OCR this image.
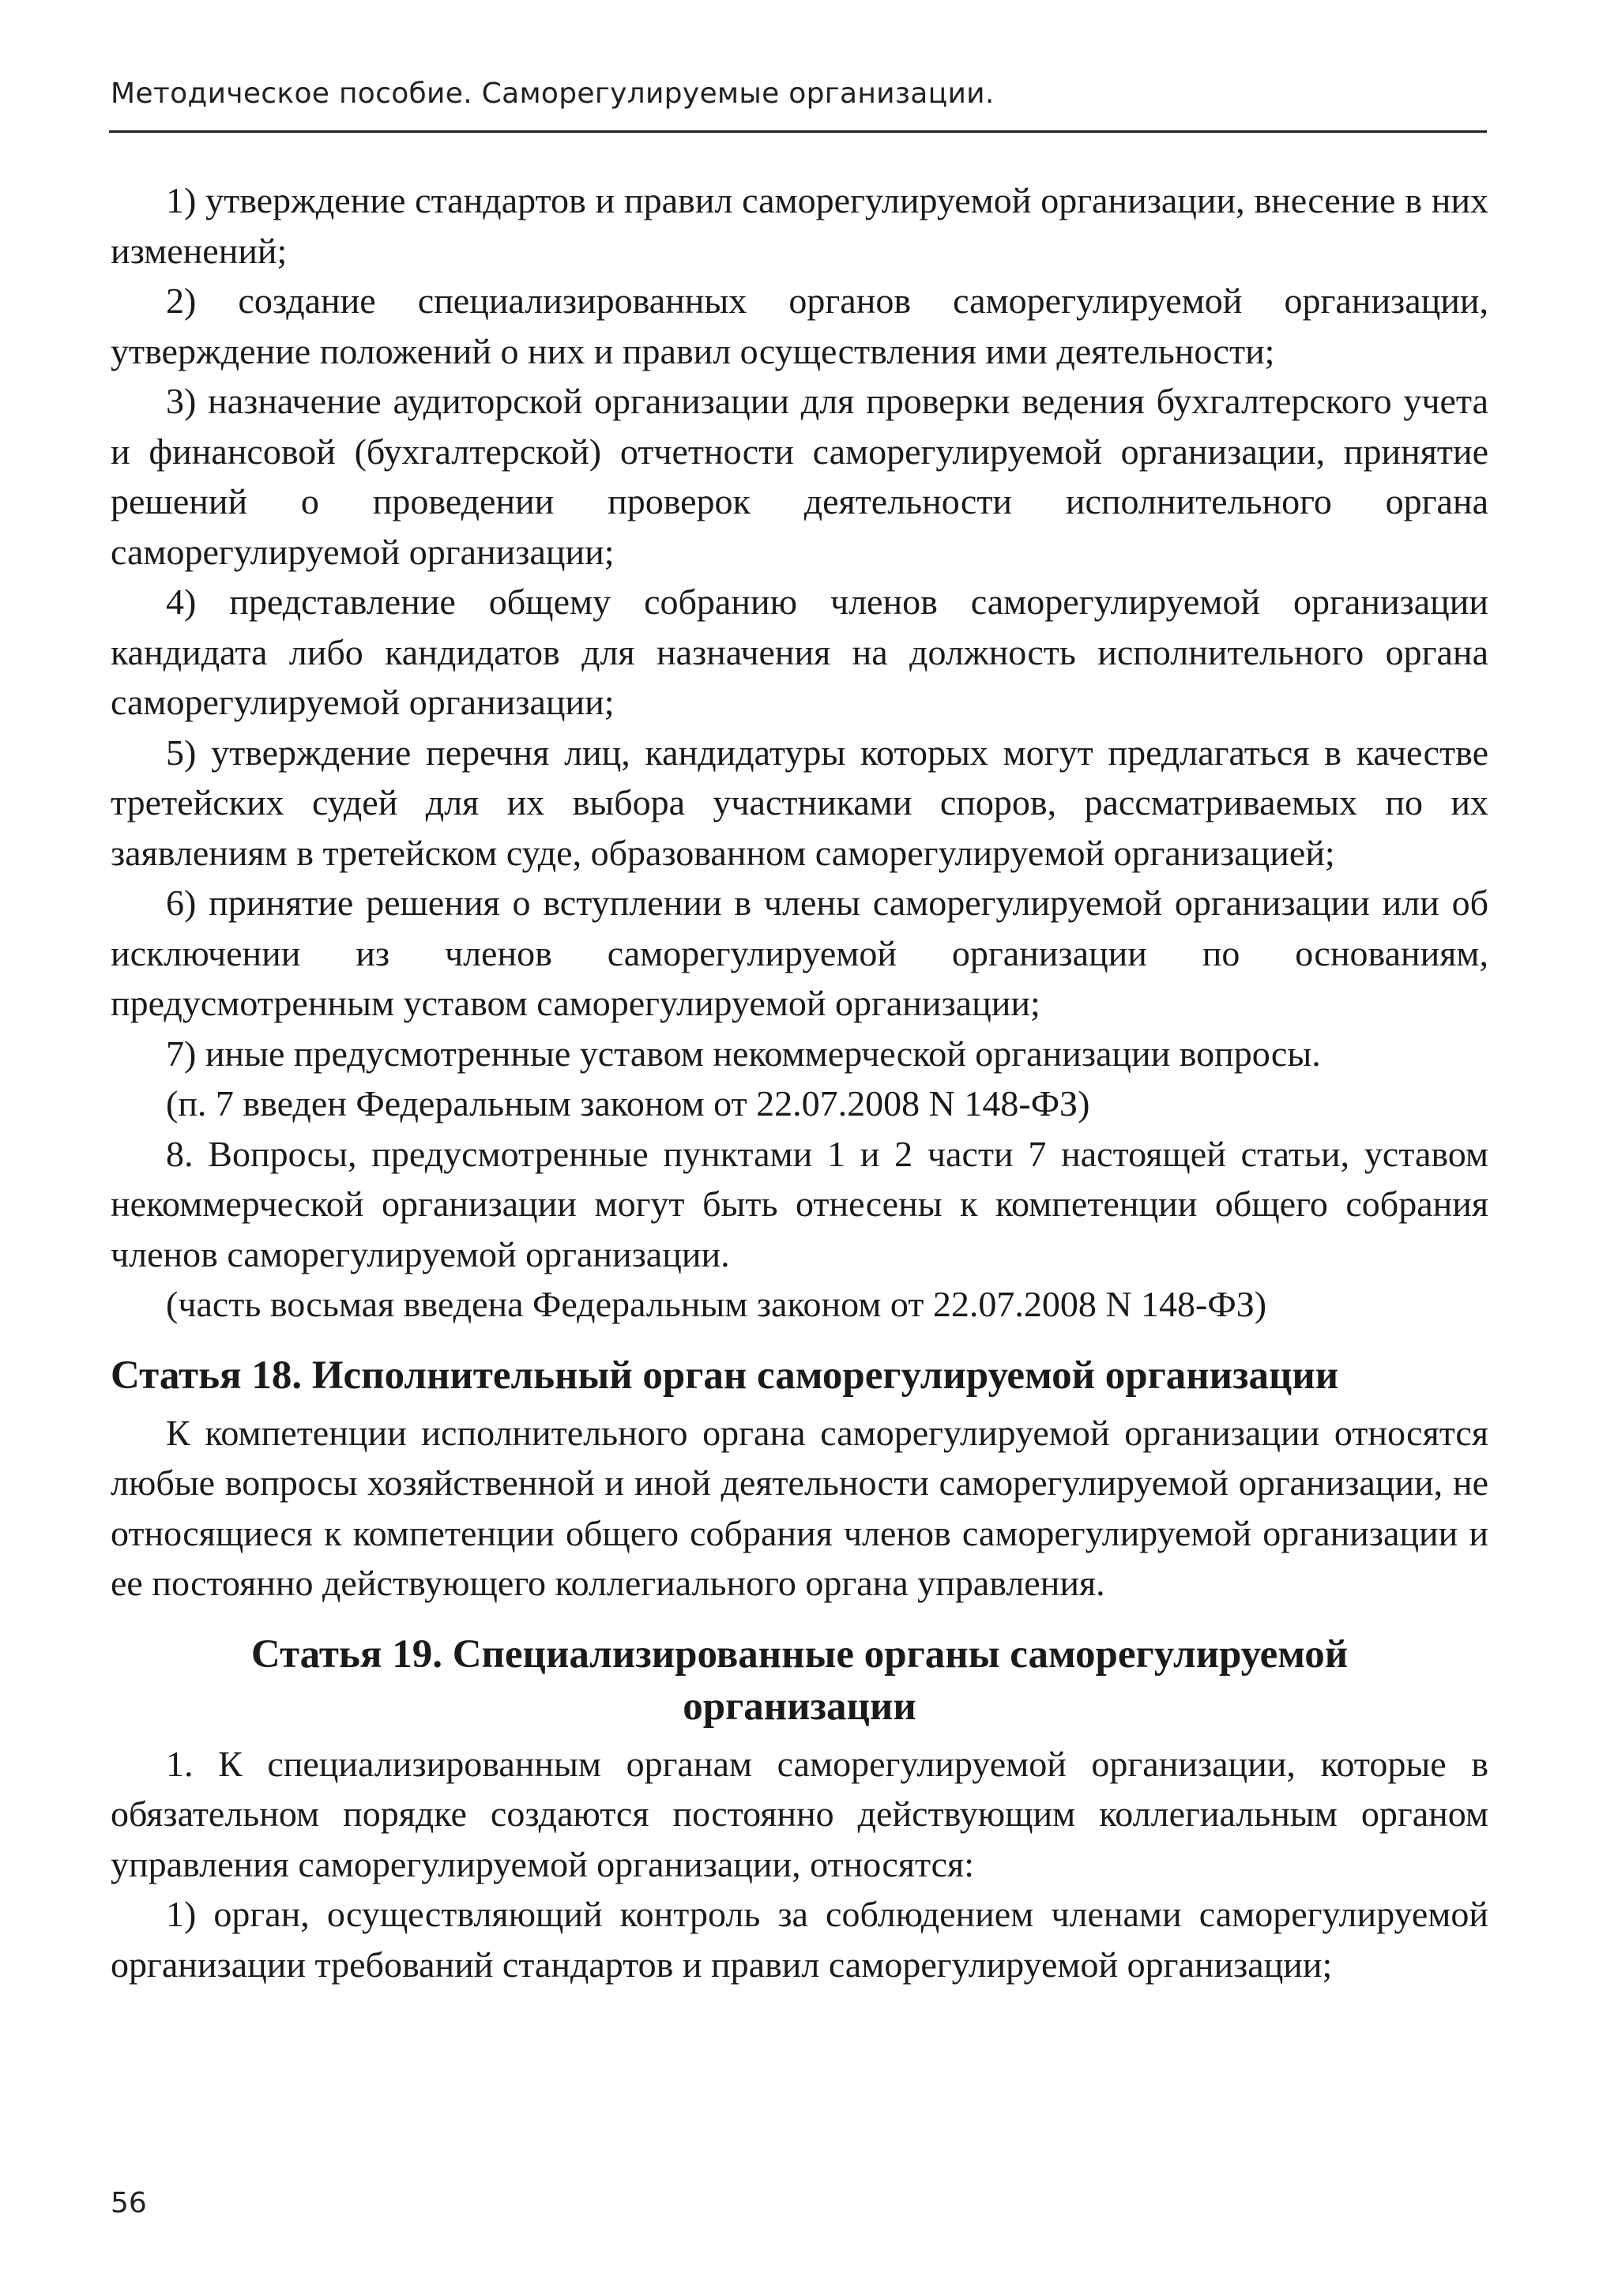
Методическое пособие. Саморегулируемые организации.

1) утверждение стандартов и правил саморегулируемой организации, внесение в них изменений;

2) создание специализированных органов саморегулируемой организации, утверждение положений о них и правил осуществления ими деятельности;

3) назначение аудиторской организации для проверки ведения бухгалтерского учета и финансовой (бухгалтерской) отчетности саморегулируемой организации, принятие решений о проведении проверок деятельности исполнительного органа саморегулируемой организации;

4) представление общему собранию членов саморегулируемой организации кандидата либо кандидатов для назначения на должность исполнительного органа саморегулируемой организации;

5) утверждение перечня лиц, кандидатуры которых могут предлагаться в качестве третейских судей для их выбора участниками споров, рассматриваемых по их заявлениям в третейском суде, образованном саморегулируемой организацией;

6) принятие решения о вступлении в члены саморегулируемой организации или об исключении из членов саморегулируемой организации по основаниям, предусмотренным уставом саморегулируемой организации;

7) иные предусмотренные уставом некоммерческой организации вопросы.

(п. 7 введен Федеральным законом от 22.07.2008 N 148-ФЗ)

8. Вопросы, предусмотренные пунктами 1 и 2 части 7 настоящей статьи, уставом некоммерческой организации могут быть отнесены к компетенции общего собрания членов саморегулируемой организации.

(часть восьмая введена Федеральным законом от 22.07.2008 N 148-ФЗ)

Статья 18. Исполнительный орган саморегулируемой организации

К компетенции исполнительного органа саморегулируемой организации относятся любые вопросы хозяйственной и иной деятельности саморегулируемой организации, не относящиеся к компетенции общего собрания членов саморегулируемой организации и ее постоянно действующего коллегиального органа управления.

Статья 19. Специализированные органы саморегулируемой организации

1. К специализированным органам саморегулируемой организации, которые в обязательном порядке создаются постоянно действующим коллегиальным органом управления саморегулируемой организации, относятся:

1) орган, осуществляющий контроль за соблюдением членами саморегулируемой организации требований стандартов и правил саморегулируемой организации;

56
